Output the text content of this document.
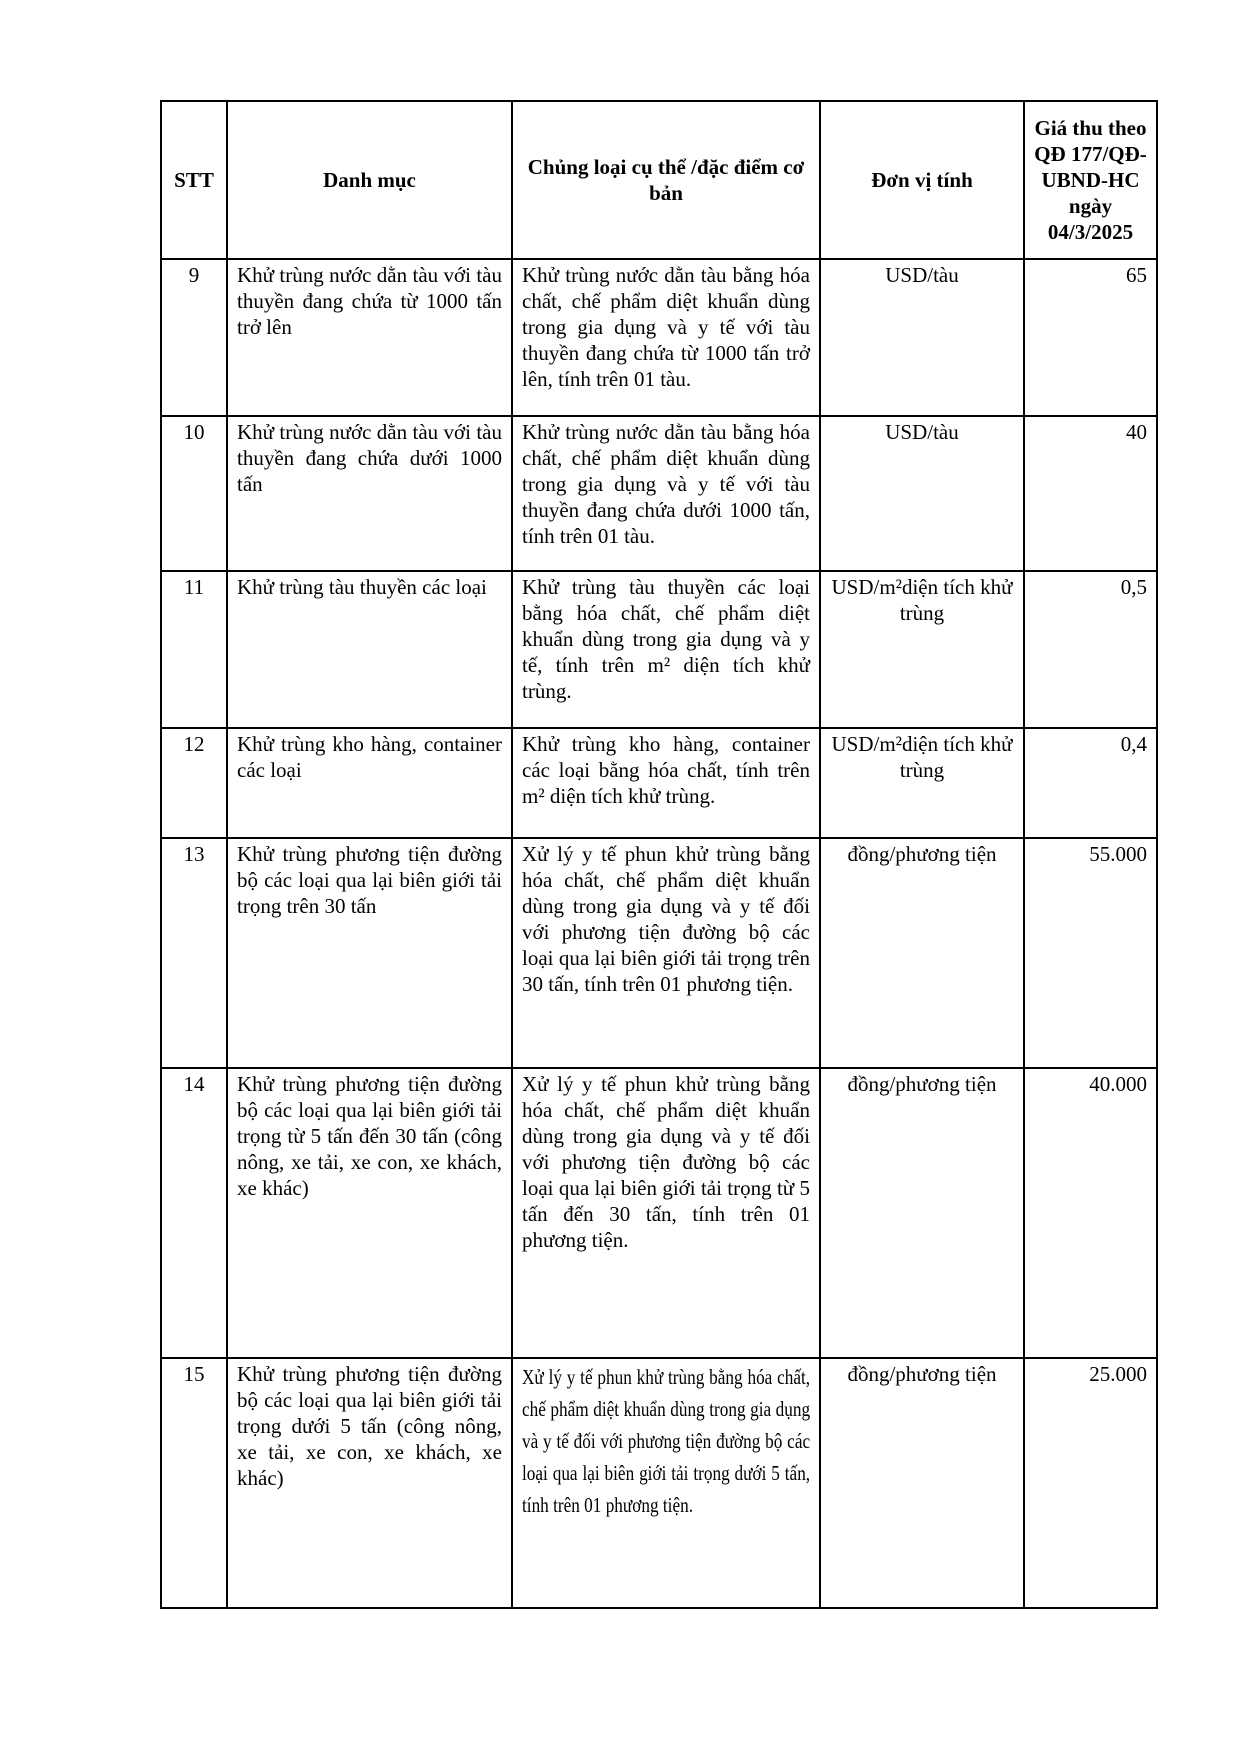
STT	Danh mục	Chủng loại cụ thể /đặc điểm cơ bản	Đơn vị tính	Giá thu theo QĐ 177/QĐ-UBND-HC ngày 04/3/2025
9	Khử trùng nước dằn tàu với tàu thuyền đang chứa từ 1000 tấn trở lên	Khử trùng nước dằn tàu bằng hóa chất, chế phẩm diệt khuẩn dùng trong gia dụng và y tế với tàu thuyền đang chứa từ 1000 tấn trở lên, tính trên 01 tàu.	USD/tàu	65
10	Khử trùng nước dằn tàu với tàu thuyền đang chứa dưới 1000 tấn	Khử trùng nước dằn tàu bằng hóa chất, chế phẩm diệt khuẩn dùng trong gia dụng và y tế với tàu thuyền đang chứa dưới 1000 tấn, tính trên 01 tàu.	USD/tàu	40
11	Khử trùng tàu thuyền các loại	Khử trùng tàu thuyền các loại bằng hóa chất, chế phẩm diệt khuẩn dùng trong gia dụng và y tế, tính trên m² diện tích khử trùng.	USD/m²diện tích khử trùng	0,5
12	Khử trùng kho hàng, container các loại	Khử trùng kho hàng, container các loại bằng hóa chất, tính trên m² diện tích khử trùng.	USD/m²diện tích khử trùng	0,4
13	Khử trùng phương tiện đường bộ các loại qua lại biên giới tải trọng trên 30 tấn	Xử lý y tế phun khử trùng bằng hóa chất, chế phẩm diệt khuẩn dùng trong gia dụng và y tế đối với phương tiện đường bộ các loại qua lại biên giới tải trọng trên 30 tấn, tính trên 01 phương tiện.	đồng/phương tiện	55.000
14	Khử trùng phương tiện đường bộ các loại qua lại biên giới tải trọng từ 5 tấn đến 30 tấn (công nông, xe tải, xe con, xe khách, xe khác)	Xử lý y tế phun khử trùng bằng hóa chất, chế phẩm diệt khuẩn dùng trong gia dụng và y tế đối với phương tiện đường bộ các loại qua lại biên giới tải trọng từ 5 tấn đến 30 tấn, tính trên 01 phương tiện.	đồng/phương tiện	40.000
15	Khử trùng phương tiện đường bộ các loại qua lại biên giới tải trọng dưới 5 tấn (công nông, xe tải, xe con, xe khách, xe khác)	Xử lý y tế phun khử trùng bằng hóa chất, chế phẩm diệt khuẩn dùng trong gia dụng và y tế đối với phương tiện đường bộ các loại qua lại biên giới tải trọng dưới 5 tấn, tính trên 01 phương tiện.	đồng/phương tiện	25.000
